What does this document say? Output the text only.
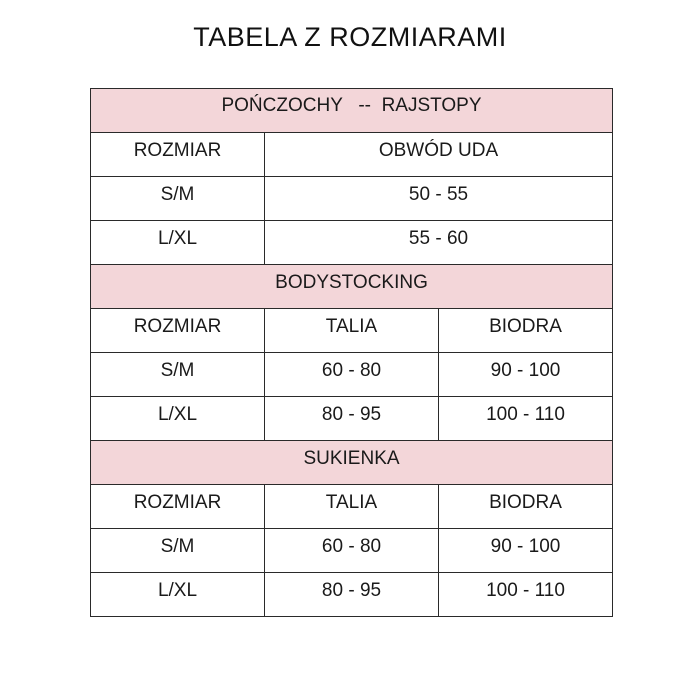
TABELA Z ROZMIARAMI
POŃCZOCHY   --  RAJSTOPY		
ROZMIAR	OBWÓD UDA	
S/M	50 - 55	
L/XL	55 - 60	
BODYSTOCKING		
ROZMIAR	TALIA	BIODRA
S/M	60 - 80	90 - 100
L/XL	80 - 95	100 - 110
SUKIENKA		
ROZMIAR	TALIA	BIODRA
S/M	60 - 80	90 - 100
L/XL	80 - 95	100 - 110
